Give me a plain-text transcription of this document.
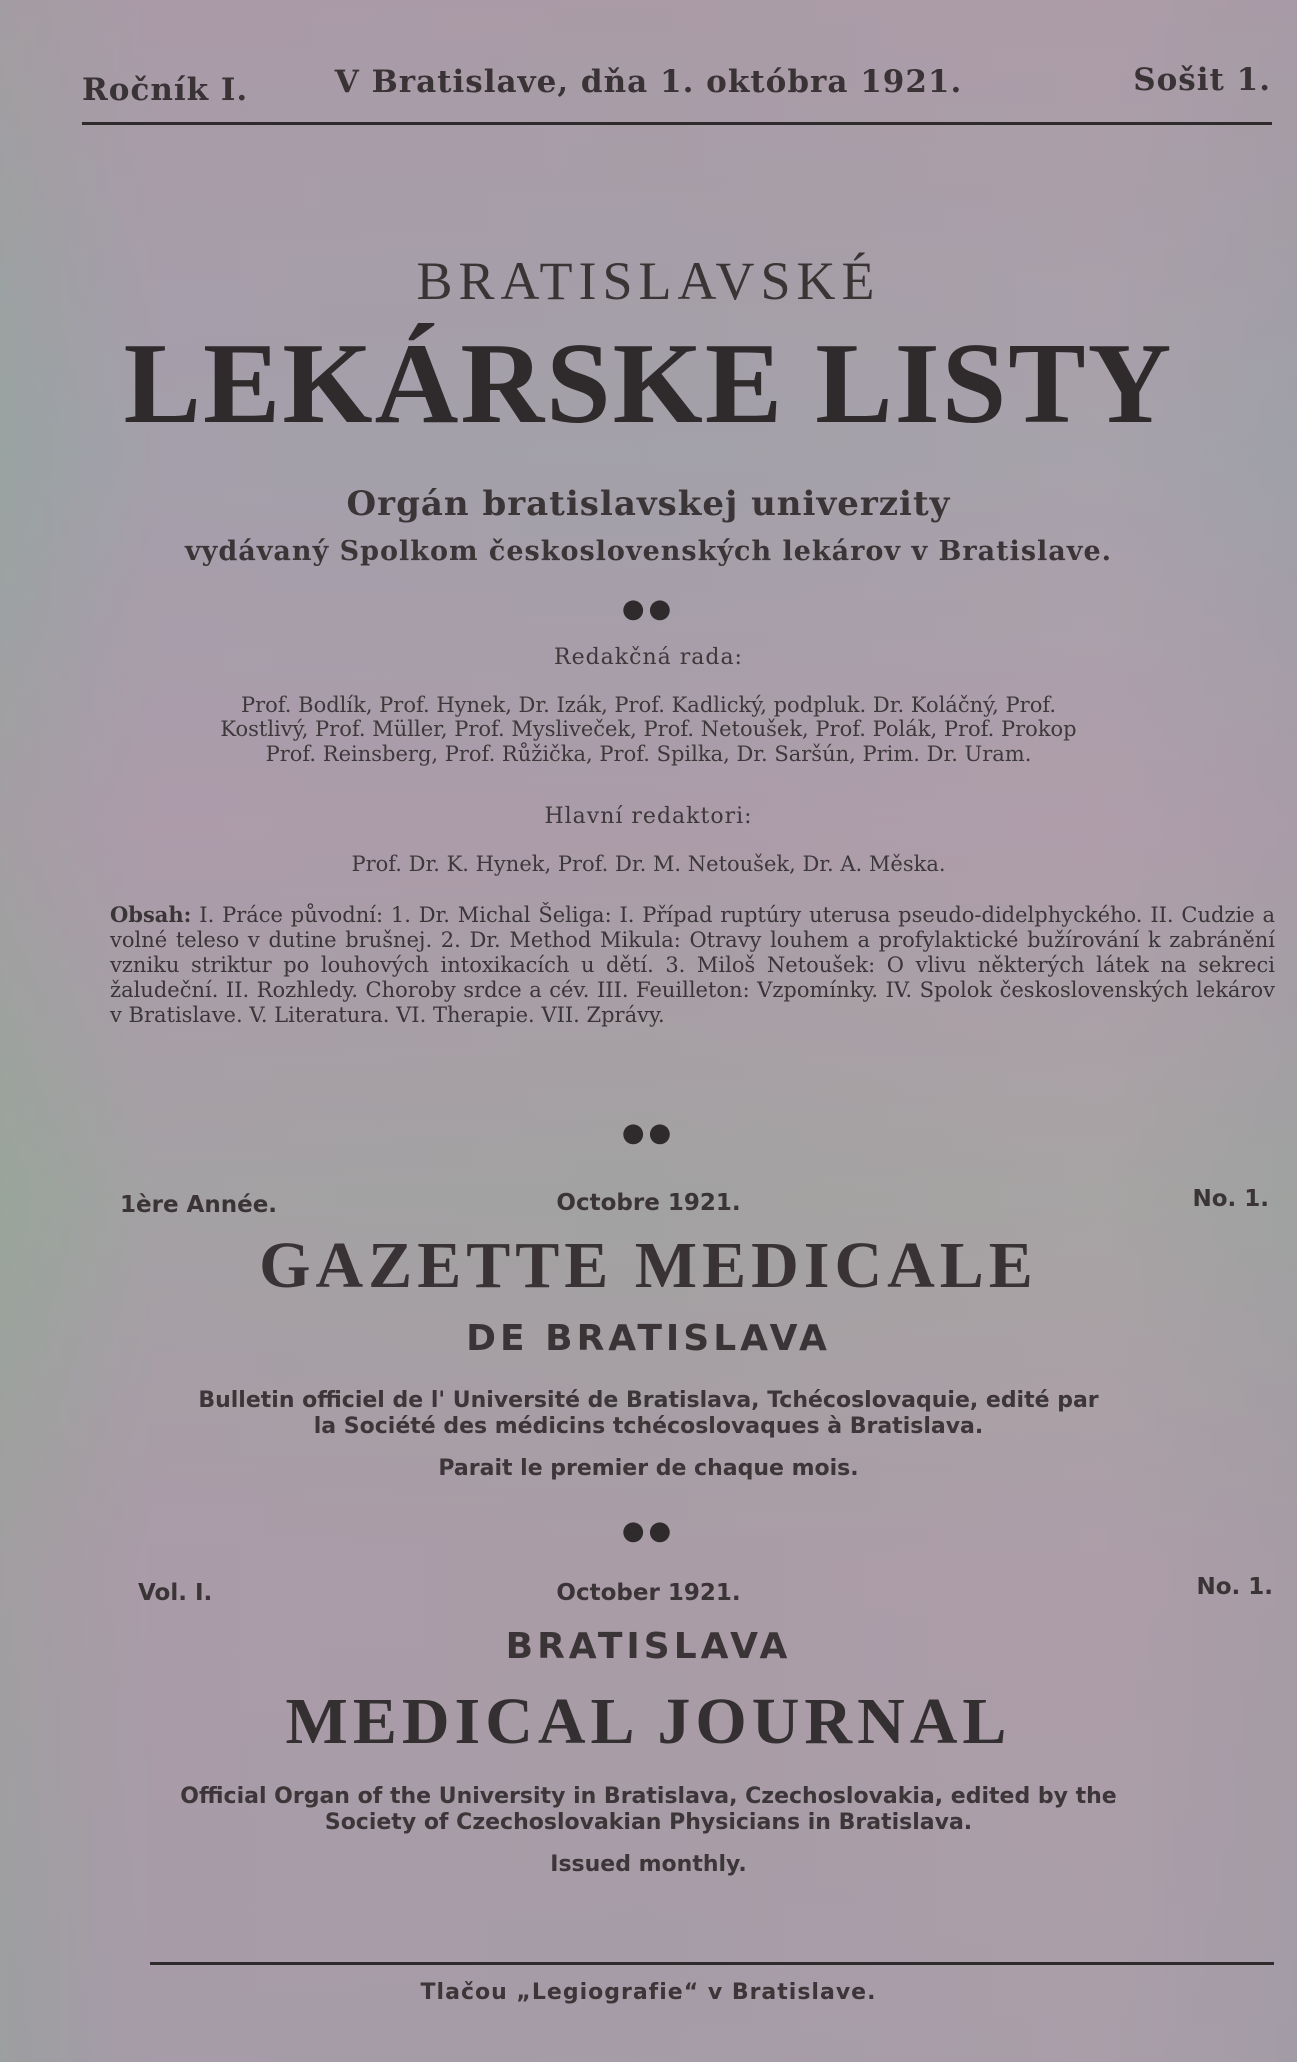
Ročník I.	V Bratislave, dňa 1. októbra 1921.	Sošit 1.
BRATISLAVSKÉ
LEKÁRSKE LISTY
Orgán bratislavskej univerzity
vydávaný Spolkom československých lekárov v Bratislave.
●●
Redakčná rada:
Prof. Bodlík, Prof. Hynek, Dr. Izák, Prof. Kadlický, podpluk. Dr. Koláčný, Prof.
Kostlivý, Prof. Müller, Prof. Mysliveček, Prof. Netoušek, Prof. Polák, Prof. Prokop
Prof. Reinsberg, Prof. Růžička, Prof. Spilka, Dr. Saršún, Prim. Dr. Uram.
Hlavní redaktori:
Prof. Dr. K. Hynek, Prof. Dr. M. Netoušek, Dr. A. Měska.
Obsah: I. Práce původní: 1. Dr. Michal Šeliga: I. Případ ruptúry uterusa pseudo-didelphyckého. II. Cudzie a volné teleso v dutine brušnej. 2. Dr. Method Mikula: Otravy louhem a profylaktické bužírování k zabránění vzniku striktur po louhových intoxikacích u dětí. 3. Miloš Netoušek: O vlivu některých látek na sekreci žaludeční. II. Rozhledy. Choroby srdce a cév. III. Feuilleton: Vzpomínky. IV. Spolok československých lekárov v Bratislave. V. Literatura. VI. Therapie. VII. Zprávy.
●●
1ère Année.	Octobre 1921.	No. 1.
GAZETTE MEDICALE
DE BRATISLAVA
Bulletin officiel de l' Université de Bratislava, Tchécoslovaquie, edité par
la Société des médicins tchécoslovaques à Bratislava.
Parait le premier de chaque mois.
●●
Vol. I.	October 1921.	No. 1.
BRATISLAVA
MEDICAL JOURNAL
Official Organ of the University in Bratislava, Czechoslovakia, edited by the
Society of Czechoslovakian Physicians in Bratislava.
Issued monthly.
Tlačou „Legiografie“ v Bratislave.
